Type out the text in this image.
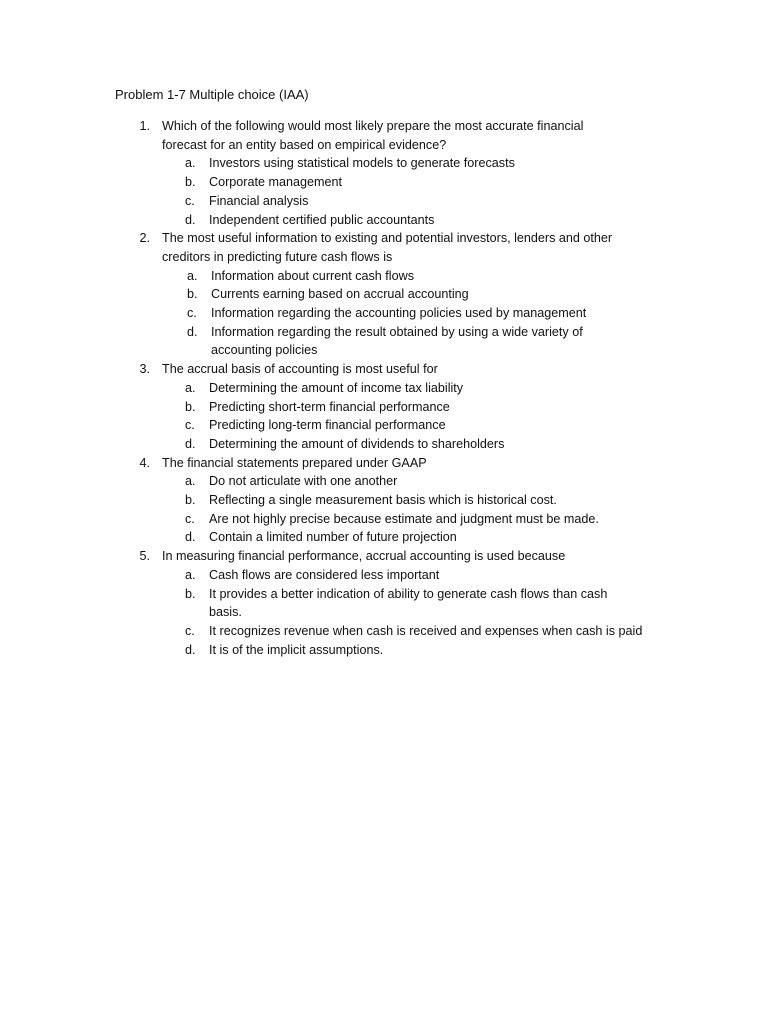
Problem 1-7 Multiple choice (IAA)
1. Which of the following would most likely prepare the most accurate financial forecast for an entity based on empirical evidence?
a.	Investors using statistical models to generate forecasts
b.	Corporate management
c.	Financial analysis
d.	Independent certified public accountants
2. The most useful information to existing and potential investors, lenders and other creditors in predicting future cash flows is
a.	Information about current cash flows
b.	Currents earning based on accrual accounting
c.	Information regarding the accounting policies used by management
d.	Information regarding the result obtained by using a wide variety of accounting policies
3. The accrual basis of accounting is most useful for
a.	Determining the amount of income tax liability
b.	Predicting short-term financial performance
c.	Predicting long-term financial performance
d.	Determining the amount of dividends to shareholders
4. The financial statements prepared under GAAP
a.	Do not articulate with one another
b.	Reflecting a single measurement basis which is historical cost.
c.	Are not highly precise because estimate and judgment must be made.
d.	Contain a limited number of future projection
5. In measuring financial performance, accrual accounting is used because
a.	Cash flows are considered less important
b.	It provides a better indication of ability to generate cash flows than cash basis.
c.	It recognizes revenue when cash is received and expenses when cash is paid
d.	It is of the implicit assumptions.
